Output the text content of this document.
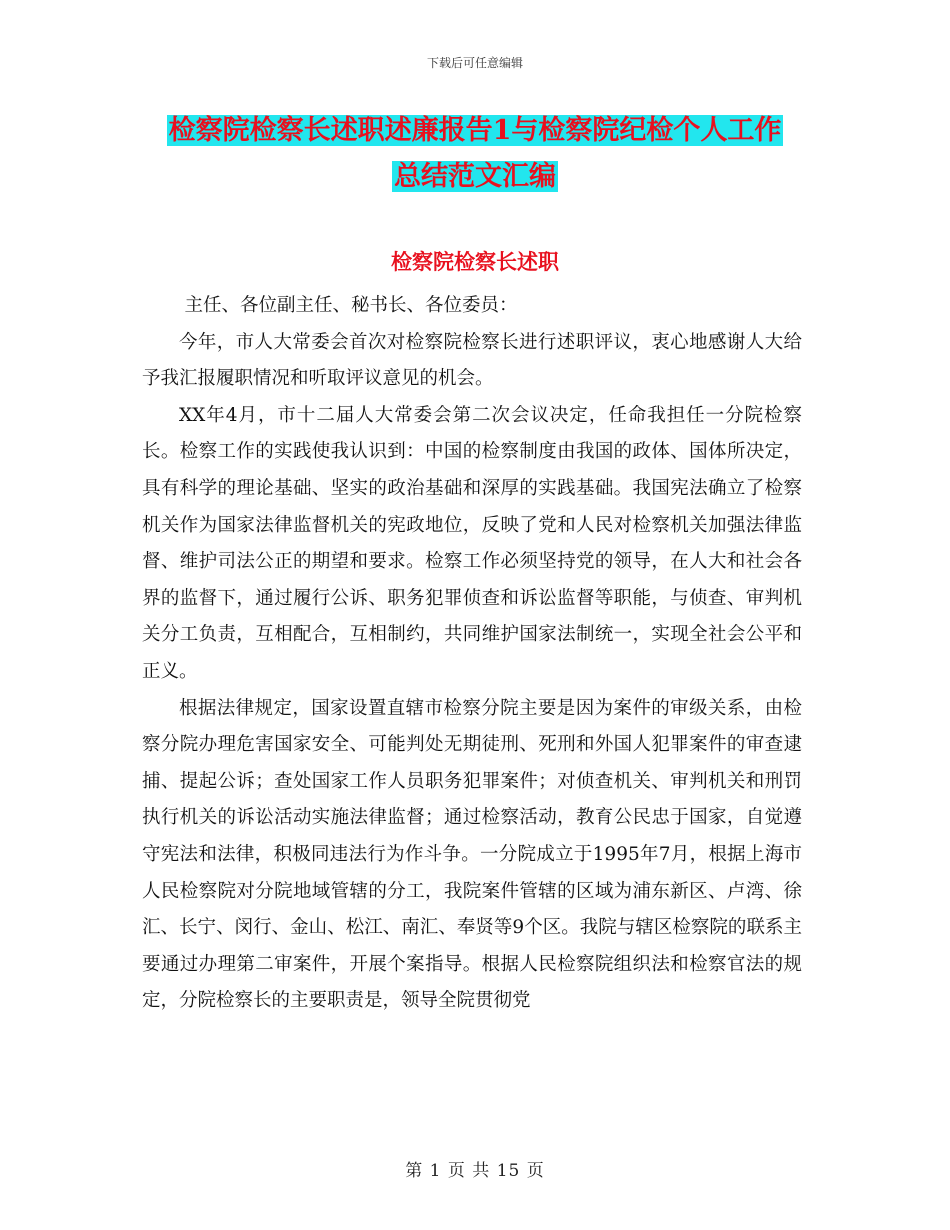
下载后可任意编辑
检察院检察长述职述廉报告1与检察院纪检个人工作
总结范文汇编
检察院检察长述职

主任、各位副主任、秘书长、各位委员：

今年，市人大常委会首次对检察院检察长进行述职评议，衷心地感谢人大给予我汇报履职情况和听取评议意见的机会。

XX年4月，市十二届人大常委会第二次会议决定，任命我担任一分院检察长。检察工作的实践使我认识到：中国的检察制度由我国的政体、国体所决定，具有科学的理论基础、坚实的政治基础和深厚的实践基础。我国宪法确立了检察机关作为国家法律监督机关的宪政地位，反映了党和人民对检察机关加强法律监督、维护司法公正的期望和要求。检察工作必须坚持党的领导，在人大和社会各界的监督下，通过履行公诉、职务犯罪侦查和诉讼监督等职能，与侦查、审判机关分工负责，互相配合，互相制约，共同维护国家法制统一，实现全社会公平和正义。

根据法律规定，国家设置直辖市检察分院主要是因为案件的审级关系，由检察分院办理危害国家安全、可能判处无期徒刑、死刑和外国人犯罪案件的审查逮捕、提起公诉；查处国家工作人员职务犯罪案件；对侦查机关、审判机关和刑罚执行机关的诉讼活动实施法律监督；通过检察活动，教育公民忠于国家，自觉遵守宪法和法律，积极同违法行为作斗争。一分院成立于1995年7月，根据上海市人民检察院对分院地域管辖的分工，我院案件管辖的区域为浦东新区、卢湾、徐汇、长宁、闵行、金山、松江、南汇、奉贤等9个区。我院与辖区检察院的联系主要通过办理第二审案件，开展个案指导。根据人民检察院组织法和检察官法的规定，分院检察长的主要职责是，领导全院贯彻党

第 1 页 共 15 页
